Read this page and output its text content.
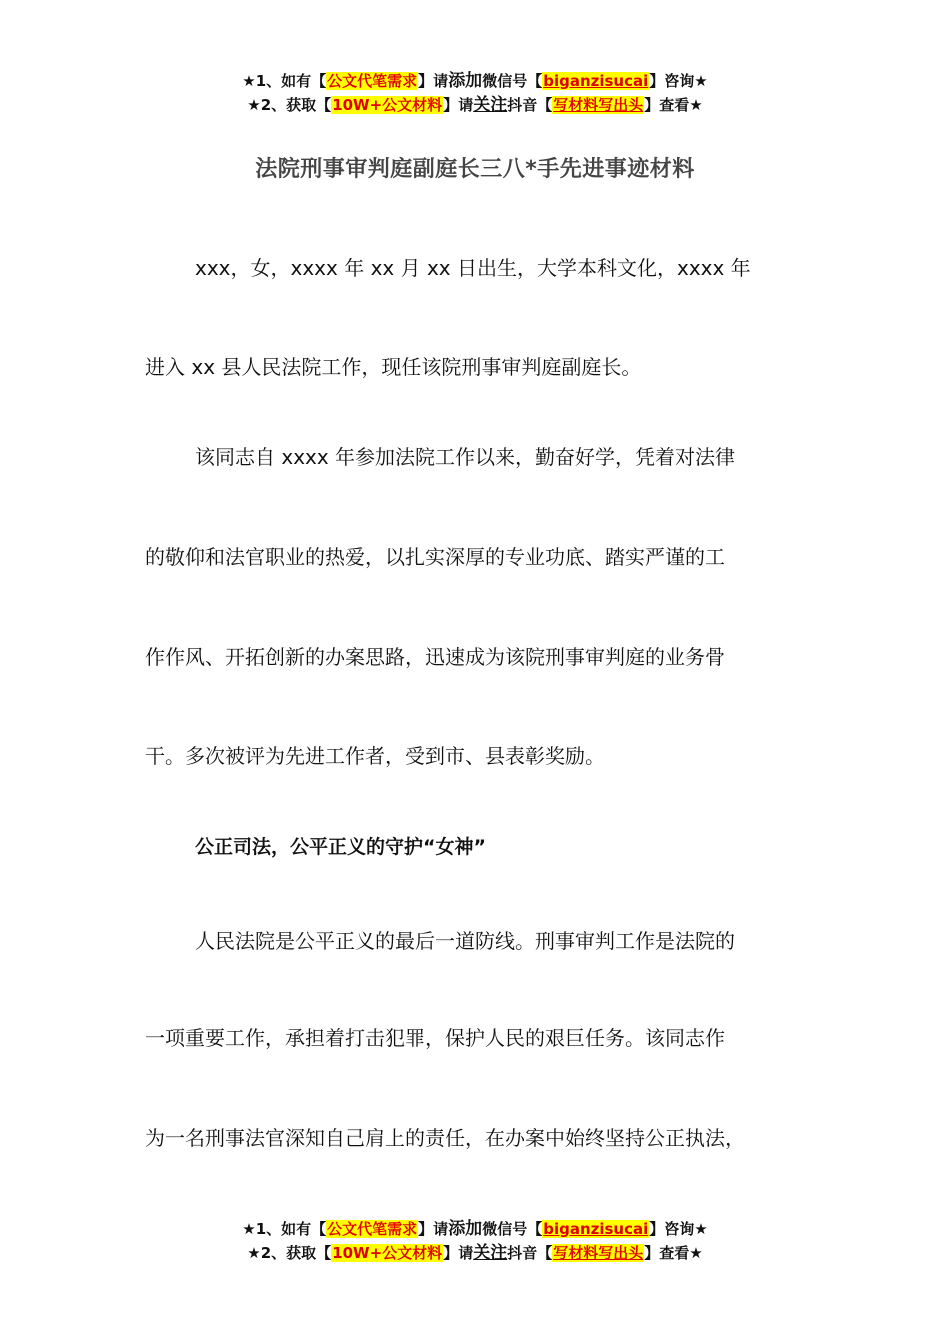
★1、如有【公文代笔需求】请添加微信号【biganzisucai】咨询★
★2、获取【10W+公文材料】请关注抖音【写材料写出头】查看★
法院刑事审判庭副庭长三八*手先进事迹材料
xxx，女，xxxx 年 xx 月 xx 日出生，大学本科文化，xxxx 年
进入 xx 县人民法院工作，现任该院刑事审判庭副庭长。
该同志自 xxxx 年参加法院工作以来，勤奋好学，凭着对法律
的敬仰和法官职业的热爱，以扎实深厚的专业功底、踏实严谨的工
作作风、开拓创新的办案思路，迅速成为该院刑事审判庭的业务骨
干。多次被评为先进工作者，受到市、县表彰奖励。
公正司法，公平正义的守护“女神”
人民法院是公平正义的最后一道防线。刑事审判工作是法院的
一项重要工作，承担着打击犯罪，保护人民的艰巨任务。该同志作
为一名刑事法官深知自己肩上的责任，在办案中始终坚持公正执法，
★1、如有【公文代笔需求】请添加微信号【biganzisucai】咨询★
★2、获取【10W+公文材料】请关注抖音【写材料写出头】查看★
